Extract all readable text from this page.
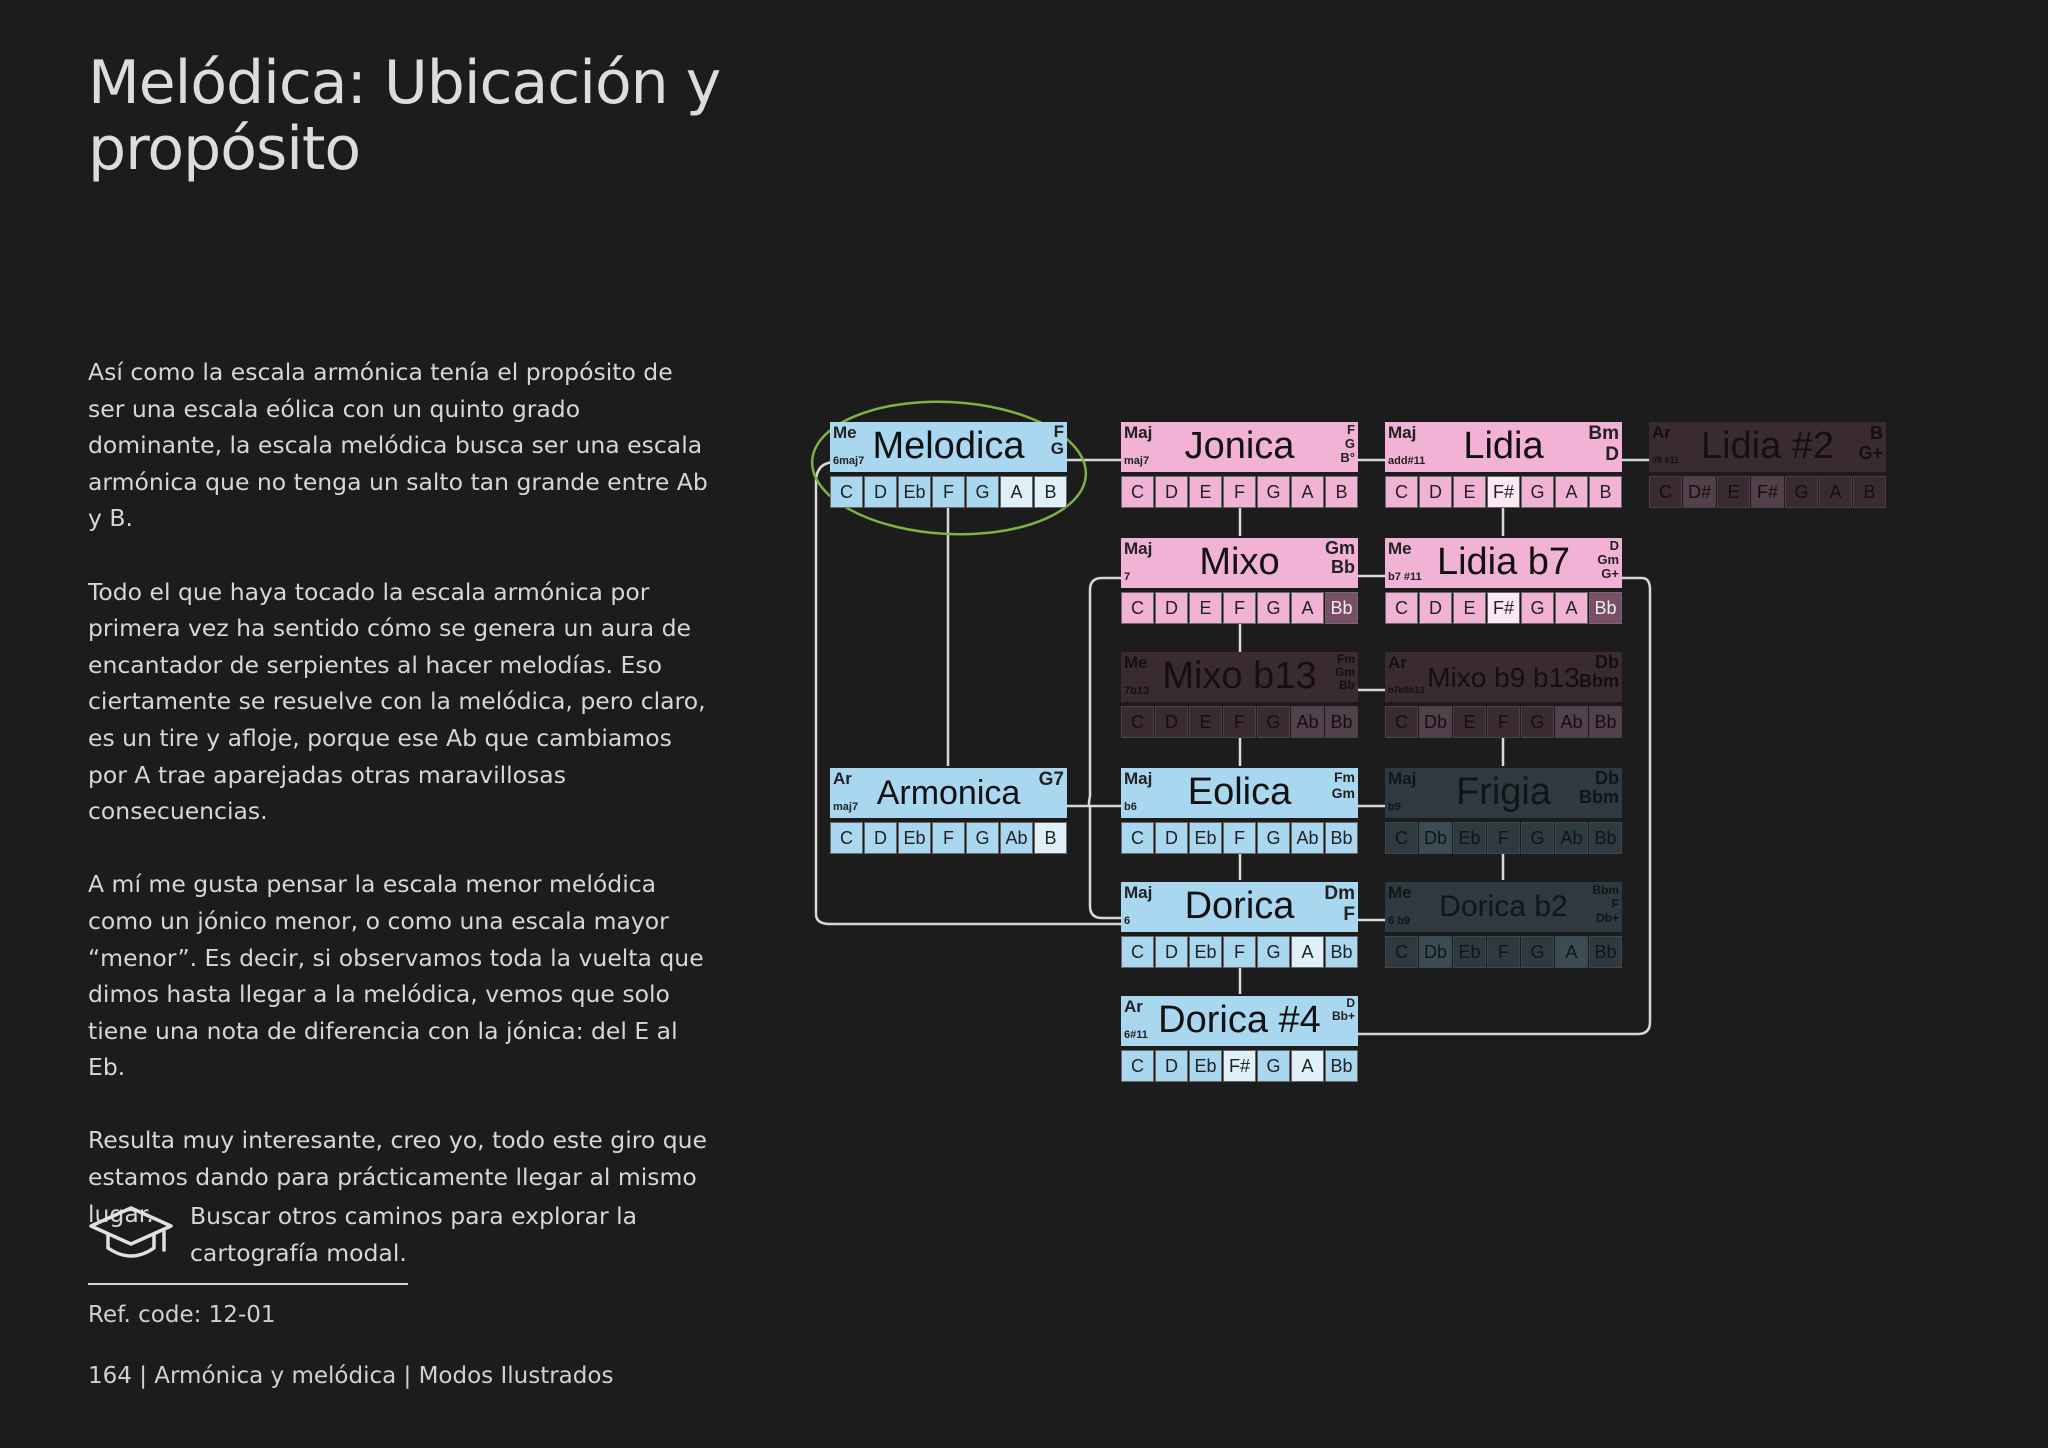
Melódica: Ubicación y propósito

Así como la escala armónica tenía el propósito de ser una escala eólica con un quinto grado dominante, la escala melódica busca ser una escala armónica que no tenga un salto tan grande entre Ab y B.

Todo el que haya tocado la escala armónica por primera vez ha sentido cómo se genera un aura de encantador de serpientes al hacer melodías. Eso ciertamente se resuelve con la melódica, pero claro, es un tire y afloje, porque ese Ab que cambiamos por A trae aparejadas otras maravillosas consecuencias.

A mí me gusta pensar la escala menor melódica como un jónico menor, o como una escala mayor “menor”. Es decir, si observamos toda la vuelta que dimos hasta llegar a la melódica, vemos que solo tiene una nota de diferencia con la jónica: del E al Eb.

Resulta muy interesante, creo yo, todo este giro que estamos dando para prácticamente llegar al mismo lugar.	Buscar otros caminos para explorar la cartografía modal.
Ref. code: 12-01
164 | Armónica y melódica | Modos Ilustrados
Me
6maj7 Melodica	F
G
C	D Eb F	G	A	B
Maj
maj7 Jonica	F
G
B°
C	D	E	F	G	A	B
Maj
add#11	Lidia	Bm
D
C	D	E F# G	A	B
Ar
#9 #11 Lidia #2	B
G+
C D# E F# G	A	B
Maj
7	Mixo	Gm
Bb
C	D	E	F	G	A Bb
Me
b7 #11 Lidia b7	D
Gm
G+
C	D	E F# G	A Bb
Me
7b13 Mixo b13	Fm
Gm
Bb
C	D	E	F	G Ab Bb
Ar
b7b9b13 Mixo b9 b13 Db
Bbm
C Db E	F	G Ab Bb
Ar
maj7 Armonica G7
C	D Eb F	G Ab B
Maj
b6	Eolica	Fm
Gm
C	D Eb F	G Ab Bb
Maj
b9	Frigia	Db
Bbm
C Db Eb F	G Ab Bb
Maj
6	Dorica	Dm
F
C	D Eb F	G	A Bb
Me
6 b9 Dorica b2	Bbm
F
Db+
C Db Eb F	G	A Bb
Ar
6#11 Dorica #4	D
Bb+
C	D Eb F# G	A Bb
